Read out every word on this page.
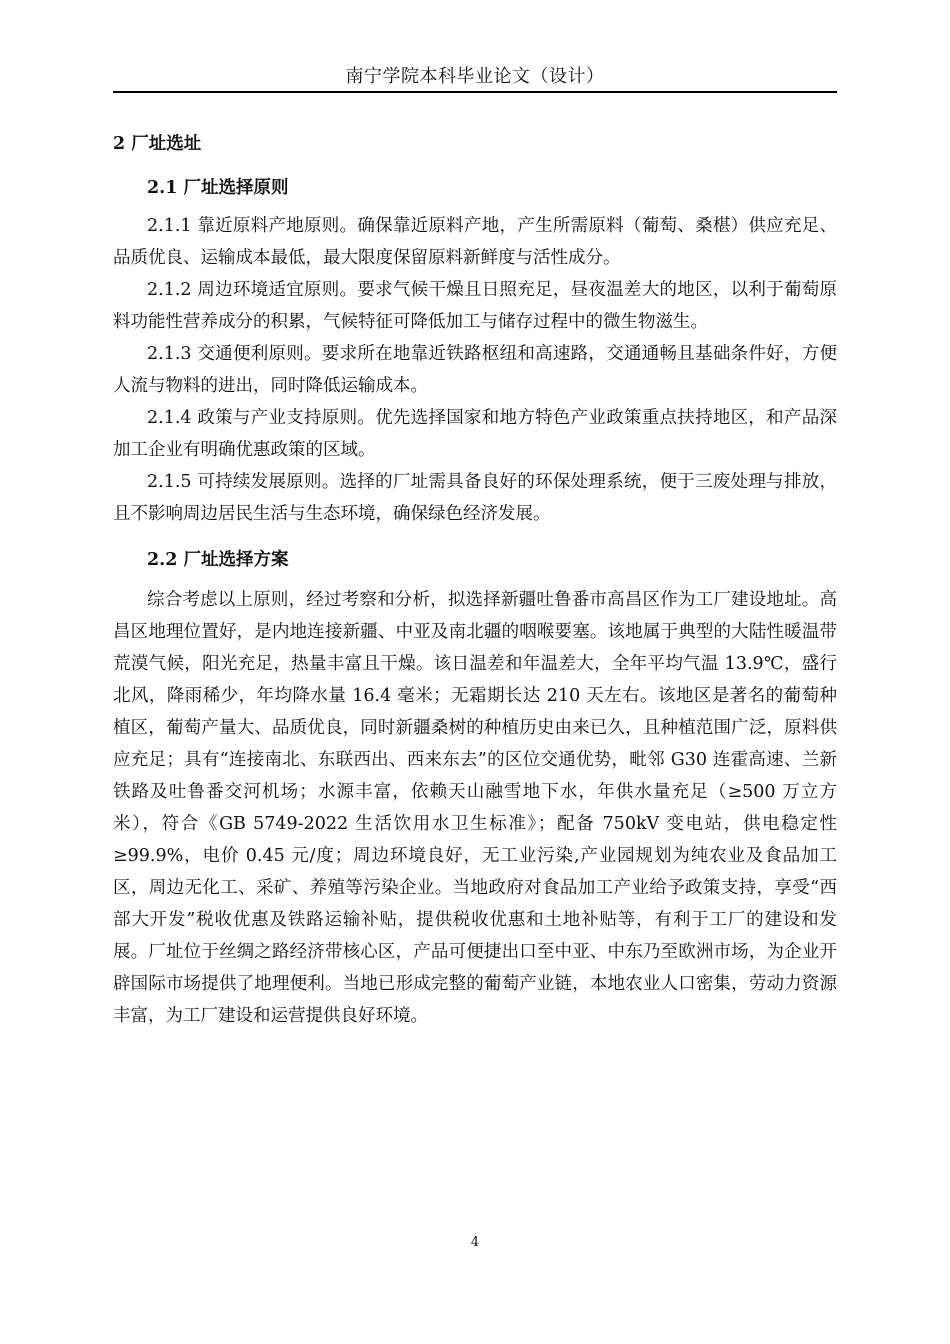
南宁学院本科毕业论文（设计）
2 厂址选址
2.1 厂址选择原则

2.1.1 靠近原料产地原则。确保靠近原料产地，产生所需原料（葡萄、桑椹）供应充足、品质优良、运输成本最低，最大限度保留原料新鲜度与活性成分。

2.1.2 周边环境适宜原则。要求气候干燥且日照充足，昼夜温差大的地区，以利于葡萄原料功能性营养成分的积累，气候特征可降低加工与储存过程中的微生物滋生。

2.1.3 交通便利原则。要求所在地靠近铁路枢纽和高速路，交通通畅且基础条件好，方便人流与物料的进出，同时降低运输成本。

2.1.4 政策与产业支持原则。优先选择国家和地方特色产业政策重点扶持地区，和产品深加工企业有明确优惠政策的区域。

2.1.5 可持续发展原则。选择的厂址需具备良好的环保处理系统，便于三废处理与排放，且不影响周边居民生活与生态环境，确保绿色经济发展。

2.2 厂址选择方案

综合考虑以上原则，经过考察和分析，拟选择新疆吐鲁番市高昌区作为工厂建设地址。高昌区地理位置好，是内地连接新疆、中亚及南北疆的咽喉要塞。该地属于典型的大陆性暖温带荒漠气候，阳光充足，热量丰富且干燥。该日温差和年温差大，全年平均气温 13.9℃，盛行北风，降雨稀少，年均降水量 16.4 毫米；无霜期长达 210 天左右。该地区是著名的葡萄种植区，葡萄产量大、品质优良，同时新疆桑树的种植历史由来已久，且种植范围广泛，原料供应充足；具有“连接南北、东联西出、西来东去”的区位交通优势，毗邻 G30 连霍高速、兰新铁路及吐鲁番交河机场；水源丰富，依赖天山融雪地下水，年供水量充足（≥500 万立方米），符合《GB 5749-2022 生活饮用水卫生标准》；配备 750kV 变电站，供电稳定性≥99.9%，电价 0.45 元/度；周边环境良好，无工业污染,产业园规划为纯农业及食品加工区，周边无化工、采矿、养殖等污染企业。当地政府对食品加工产业给予政策支持，享受“西部大开发”税收优惠及铁路运输补贴，提供税收优惠和土地补贴等，有利于工厂的建设和发展。厂址位于丝绸之路经济带核心区，产品可便捷出口至中亚、中东乃至欧洲市场，为企业开辟国际市场提供了地理便利。当地已形成完整的葡萄产业链，本地农业人口密集，劳动力资源丰富，为工厂建设和运营提供良好环境。

4
